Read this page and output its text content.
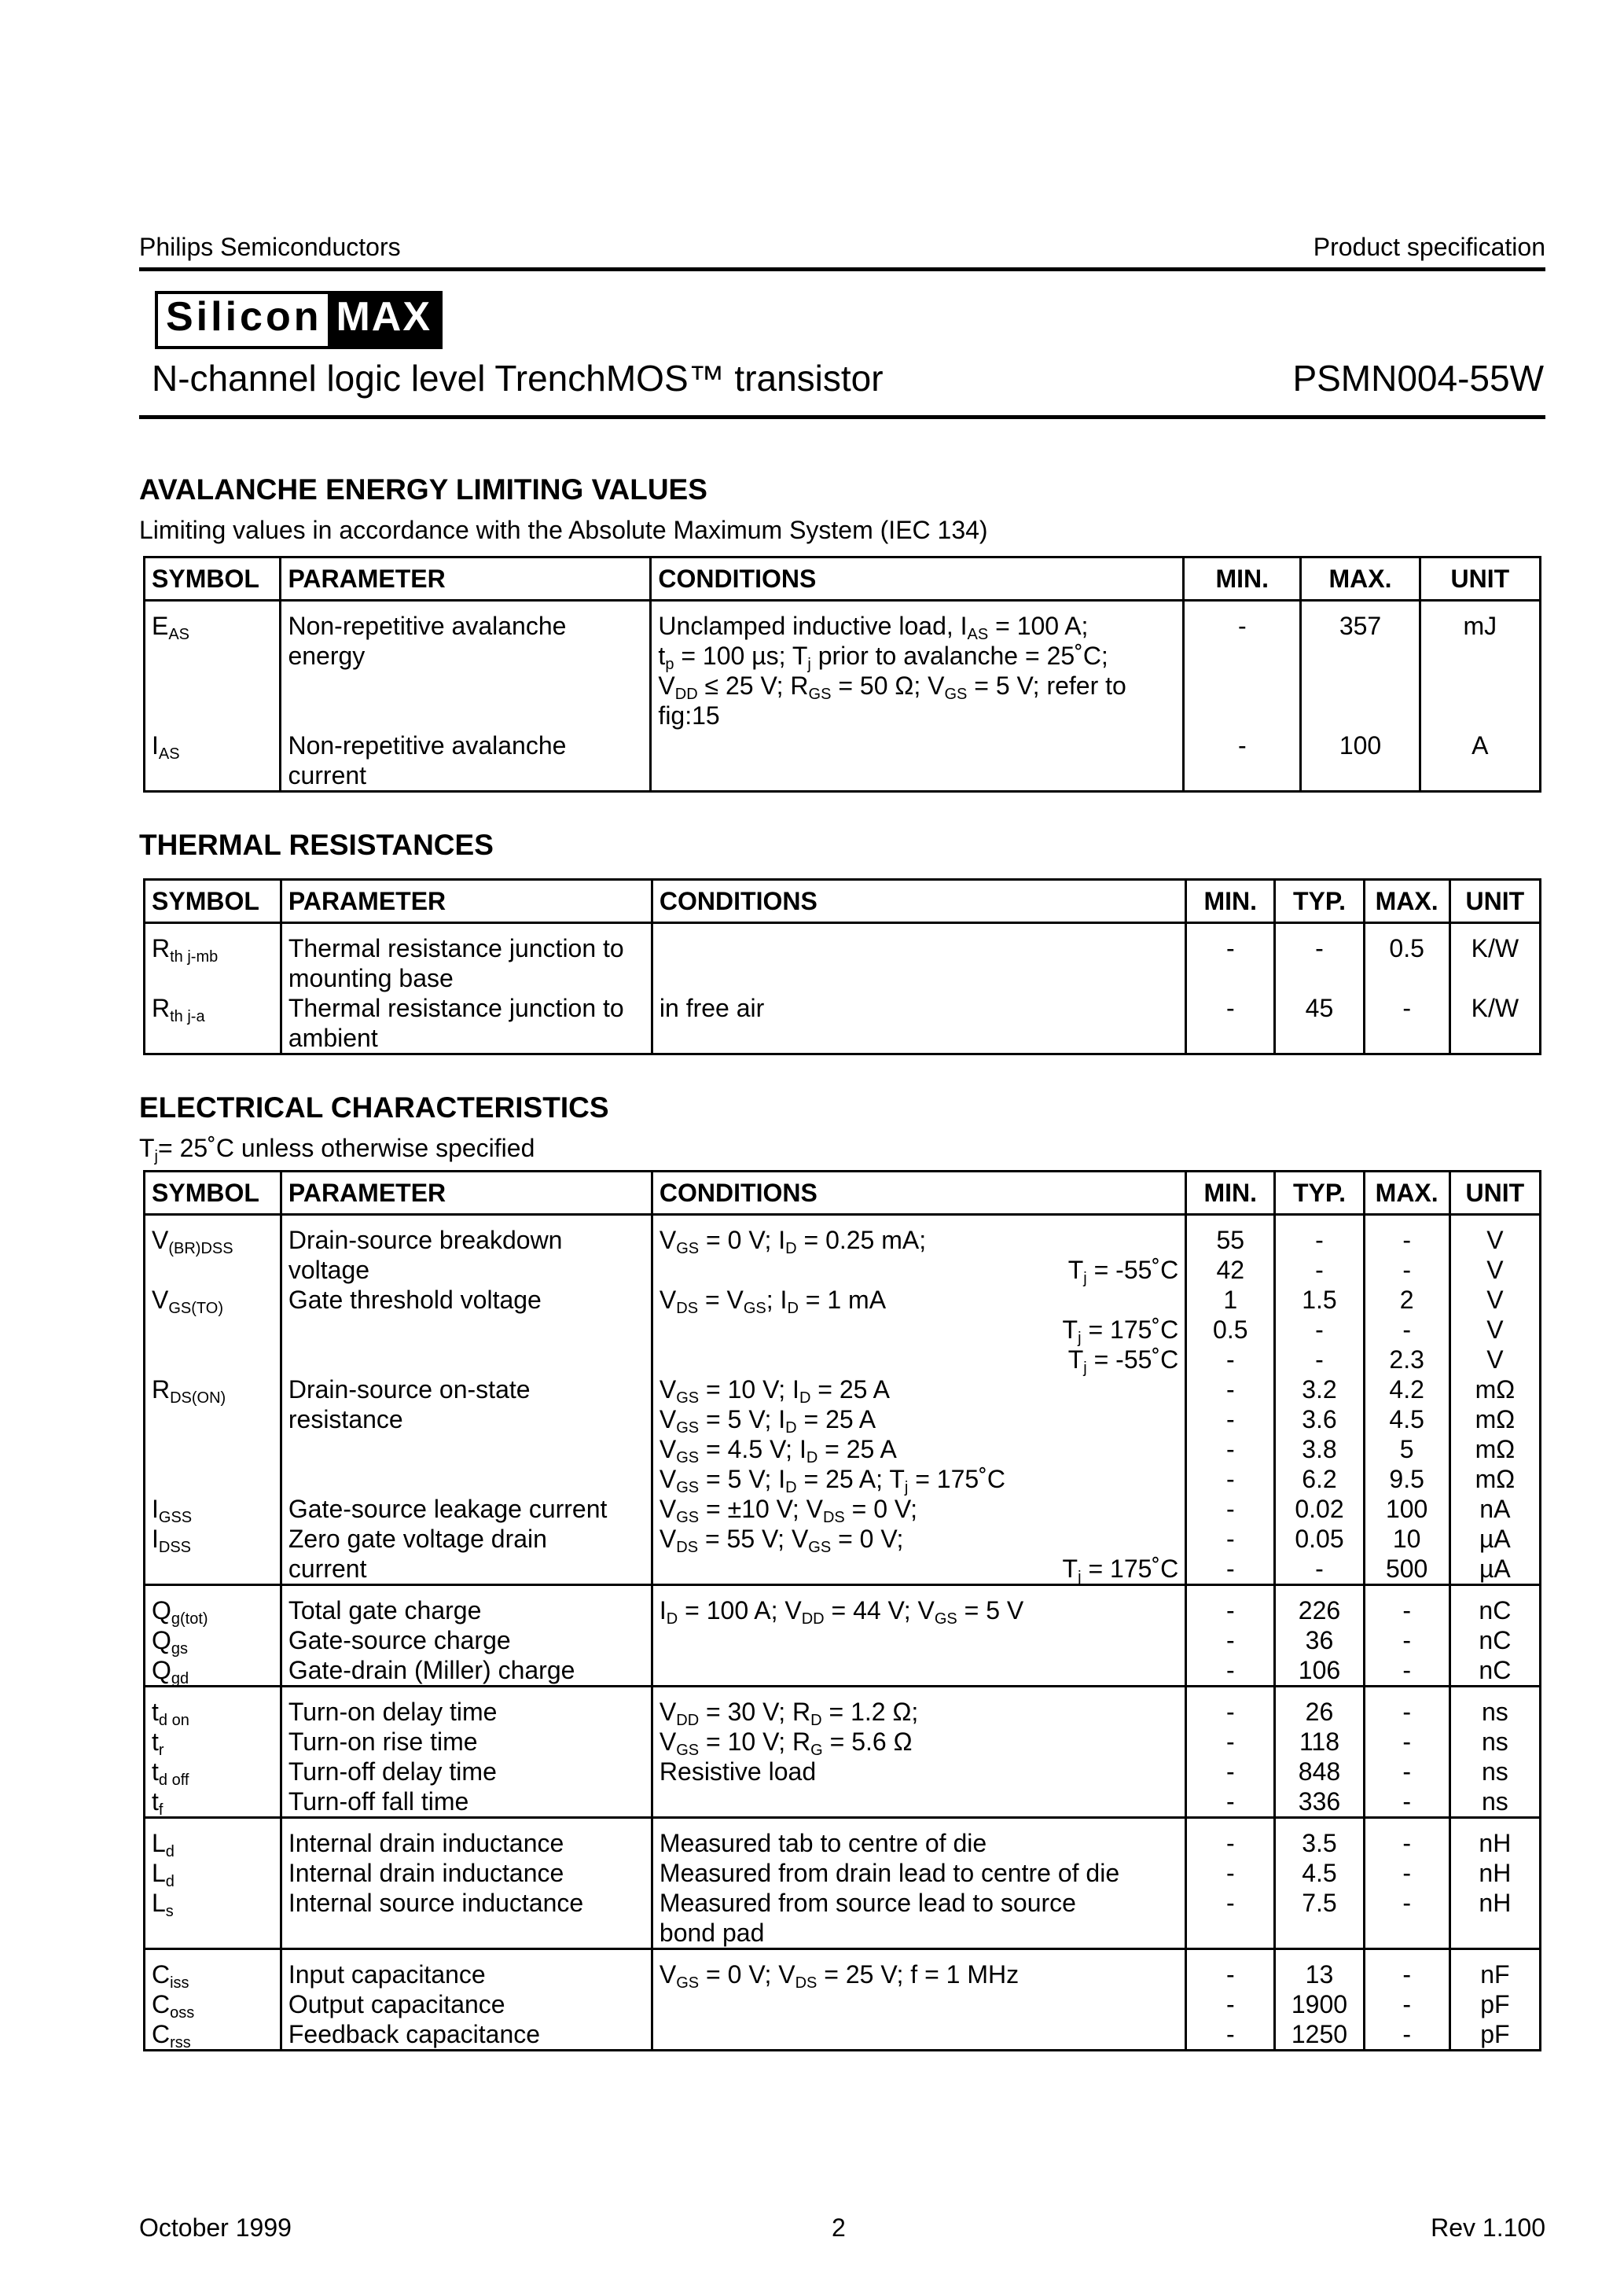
Philips Semiconductors	Product specification
Silicon MAX
N-channel logic level TrenchMOS™ transistor	PSMN004-55W
AVALANCHE ENERGY LIMITING VALUES
Limiting values in accordance with the Absolute Maximum System (IEC 134)
SYMBOL	PARAMETER	CONDITIONS	MIN.	MAX.	UNIT
$E_{AS}$	Non-repetitive avalanche energy	Unclamped inductive load, $I_{AS} = 100$ A;
$t_p = 100$ µs; $T_j$ prior to avalanche = 25˚C;
$V_{DD} \le 25$ V; $R_{GS} = 50$ Ω; $V_{GS} = 5$ V; refer to
fig:15	-	357	mJ
$I_{AS}$	Non-repetitive avalanche current		-	100	A
THERMAL RESISTANCES
SYMBOL	PARAMETER	CONDITIONS	MIN.	TYP.	MAX.	UNIT
$R_{th j-mb}$	Thermal resistance junction to mounting base		-	-	0.5	K/W
$R_{th j-a}$	Thermal resistance junction to ambient	in free air	-	45	-	K/W
ELECTRICAL CHARACTERISTICS
$T_j=$ 25˚C unless otherwise specified
SYMBOL	PARAMETER	CONDITIONS	MIN.	TYP.	MAX.	UNIT
$V_{(BR)DSS}$	Drain-source breakdown	$V_{GS} = 0$ V; $I_D = 0.25$ mA;	55	-	-	V
	voltage	$T_j$ = -55˚C	42	-	-	V
$V_{GS(TO)}$	Gate threshold voltage	$V_{DS} = V_{GS}$; $I_D = 1$ mA	1	1.5	2	V

		$T_j$ = 175˚C	0.5	-	-	V

		$T_j$ = -55˚C	-	-	2.3	V
$R_{DS(ON)}$	Drain-source on-state	$V_{GS} = 10$ V; $I_D = 25$ A	-	3.2	4.2	mΩ
	resistance	$V_{GS} = 5$ V; $I_D = 25$ A	-	3.6	4.5	mΩ

		$V_{GS} = 4.5$ V; $I_D = 25$ A	-	3.8	5	mΩ

		$V_{GS} = 5$ V; $I_D = 25$ A; $T_j$ = 175˚C	-	6.2	9.5	mΩ
$I_{GSS}$	Gate-source leakage current	$V_{GS} = \pm 10$ V; $V_{DS} = 0$ V;	-	0.02	100	nA
$I_{DSS}$	Zero gate voltage drain	$V_{DS} = 55$ V; $V_{GS} = 0$ V;	-	0.05	10	µA
	current	$T_j$ = 175˚C	-	-	500	µA
$Q_{g(tot)}$	Total gate charge	$I_D = 100$ A; $V_{DD} = 44$ V; $V_{GS} = 5$ V	-	226	-	nC
$Q_{gs}$	Gate-source charge		-	36	-	nC
$Q_{gd}$	Gate-drain (Miller) charge		-	106	-	nC
$t_{d on}$	Turn-on delay time	$V_{DD} = 30$ V; $R_D = 1.2$ Ω;	-	26	-	ns
$t_r$	Turn-on rise time	$V_{GS} = 10$ V; $R_G = 5.6$ Ω	-	118	-	ns
$t_{d off}$	Turn-off delay time	Resistive load	-	848	-	ns
$t_f$	Turn-off fall time		-	336	-	ns
$L_d$	Internal drain inductance	Measured tab to centre of die	-	3.5	-	nH
$L_d$	Internal drain inductance	Measured from drain lead to centre of die	-	4.5	-	nH
$L_s$	Internal source inductance	Measured from source lead to source	-	7.5	-	nH

		bond pad				

$C_{iss}$	Input capacitance	$V_{GS} = 0$ V; $V_{DS} = 25$ V; f = 1 MHz	-	13	-	nF
$C_{oss}$	Output capacitance		-	1900	-	pF
$C_{rss}$	Feedback capacitance		-	1250	-	pF
October 1999	2	Rev 1.100
